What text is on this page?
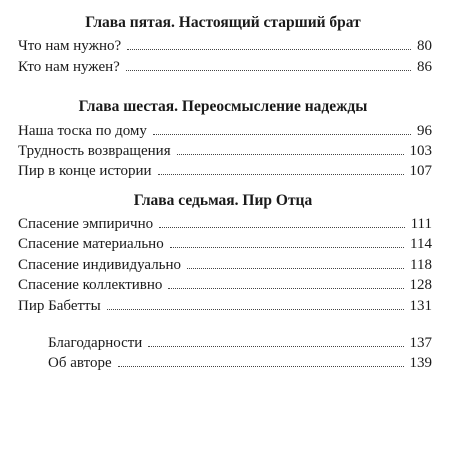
Глава пятая. Настоящий старший брат
Что нам нужно?	80
Кто нам нужен?	86
Глава шестая. Переосмысление надежды
Наша тоска по дому	96
Трудность возвращения	103
Пир в конце истории	107
Глава седьмая. Пир Отца
Спасение эмпирично	111
Спасение материально	114
Спасение индивидуально	118
Спасение коллективно	128
Пир Бабетты	131
Благодарности	137
Об авторе	139
